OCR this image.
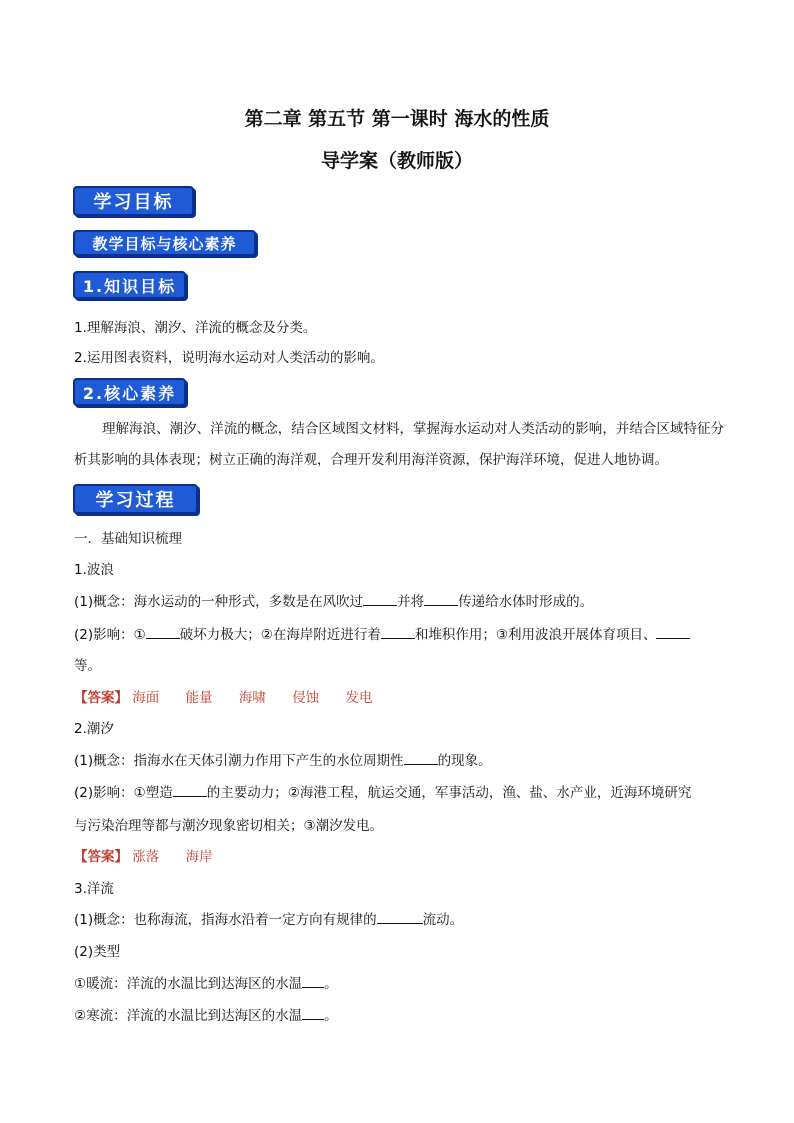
第二章 第五节 第一课时 海水的性质
导学案（教师版）
学习目标
教学目标与核心素养
1.知识目标
1.理解海浪、潮汐、洋流的概念及分类。
2.运用图表资料，说明海水运动对人类活动的影响。
2.核心素养
理解海浪、潮汐、洋流的概念，结合区域图文材料，掌握海水运动对人类活动的影响，并结合区域特征分析其影响的具体表现；树立正确的海洋观，合理开发利用海洋资源，保护海洋环境，促进人地协调。
学习过程
一．基础知识梳理
1.波浪
(1)概念：海水运动的一种形式，多数是在风吹过	并将	传递给水体时形成的。
(2)影响：①	破坏力极大；②在海岸附近进行着	和堆积作用；③利用波浪开展体育项目、
等。
【答案】 海面 能量 海啸 侵蚀 发电
2.潮汐
(1)概念：指海水在天体引潮力作用下产生的水位周期性	的现象。
(2)影响：①塑造	的主要动力；②海港工程，航运交通，军事活动，渔、盐、水产业，近海环境研究
与污染治理等都与潮汐现象密切相关；③潮汐发电。
【答案】 涨落 海岸
3.洋流
(1)概念：也称海流，指海水沿着一定方向有规律的	流动。
(2)类型
①暖流：洋流的水温比到达海区的水温 。
②寒流：洋流的水温比到达海区的水温 。
